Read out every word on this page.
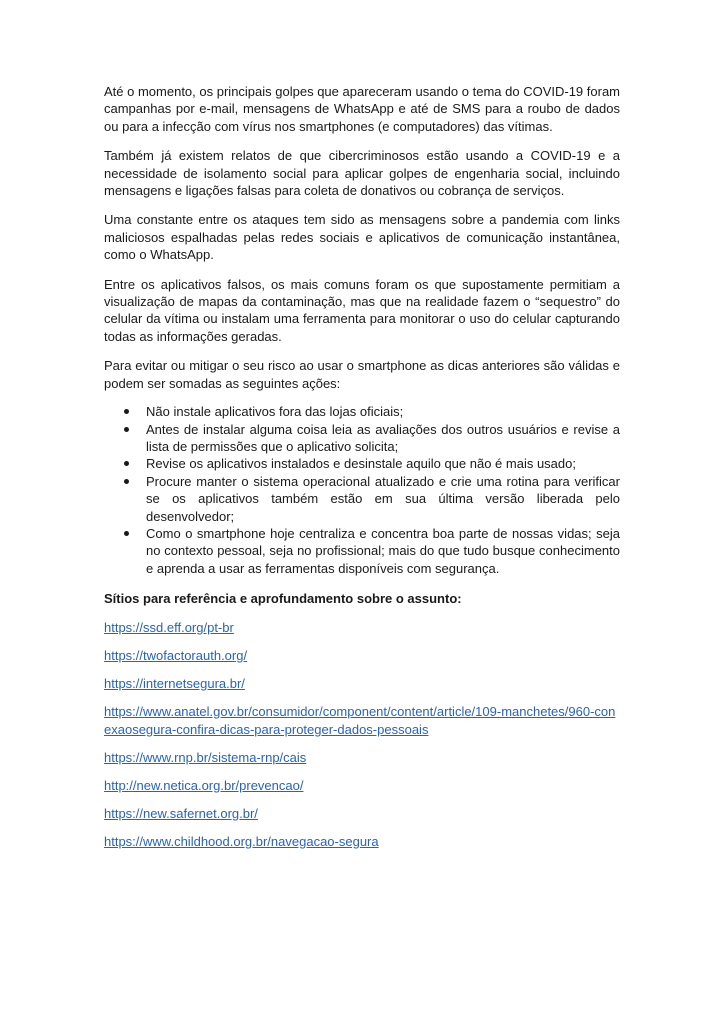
Até o momento, os principais golpes que apareceram usando o tema do COVID-19 foram campanhas por e-mail, mensagens de WhatsApp e até de SMS para a roubo de dados ou para a infecção com vírus nos smartphones (e computadores) das vítimas.

Também já existem relatos de que cibercriminosos estão usando a COVID-19 e a necessidade de isolamento social para aplicar golpes de engenharia social, incluindo mensagens e ligações falsas para coleta de donativos ou cobrança de serviços.

Uma constante entre os ataques tem sido as mensagens sobre a pandemia com links maliciosos espalhadas pelas redes sociais e aplicativos de comunicação instantânea, como o WhatsApp.

Entre os aplicativos falsos, os mais comuns foram os que supostamente permitiam a visualização de mapas da contaminação, mas que na realidade fazem o “sequestro” do celular da vítima ou instalam uma ferramenta para monitorar o uso do celular capturando todas as informações geradas.

Para evitar ou mitigar o seu risco ao usar o smartphone as dicas anteriores são válidas e podem ser somadas as seguintes ações:

Não instale aplicativos fora das lojas oficiais;
Antes de instalar alguma coisa leia as avaliações dos outros usuários e revise a lista de permissões que o aplicativo solicita;
Revise os aplicativos instalados e desinstale aquilo que não é mais usado;
Procure manter o sistema operacional atualizado e crie uma rotina para verificar se os aplicativos também estão em sua última versão liberada pelo desenvolvedor;
Como o smartphone hoje centraliza e concentra boa parte de nossas vidas; seja no contexto pessoal, seja no profissional; mais do que tudo busque conhecimento e aprenda a usar as ferramentas disponíveis com segurança.
Sítios para referência e aprofundamento sobre o assunto:
https://ssd.eff.org/pt-br
https://twofactorauth.org/
https://internetsegura.br/
https://www.anatel.gov.br/consumidor/component/content/article/109-manchetes/960-conexaosegura-confira-dicas-para-proteger-dados-pessoais
https://www.rnp.br/sistema-rnp/cais
http://new.netica.org.br/prevencao/
https://new.safernet.org.br/
https://www.childhood.org.br/navegacao-segura
